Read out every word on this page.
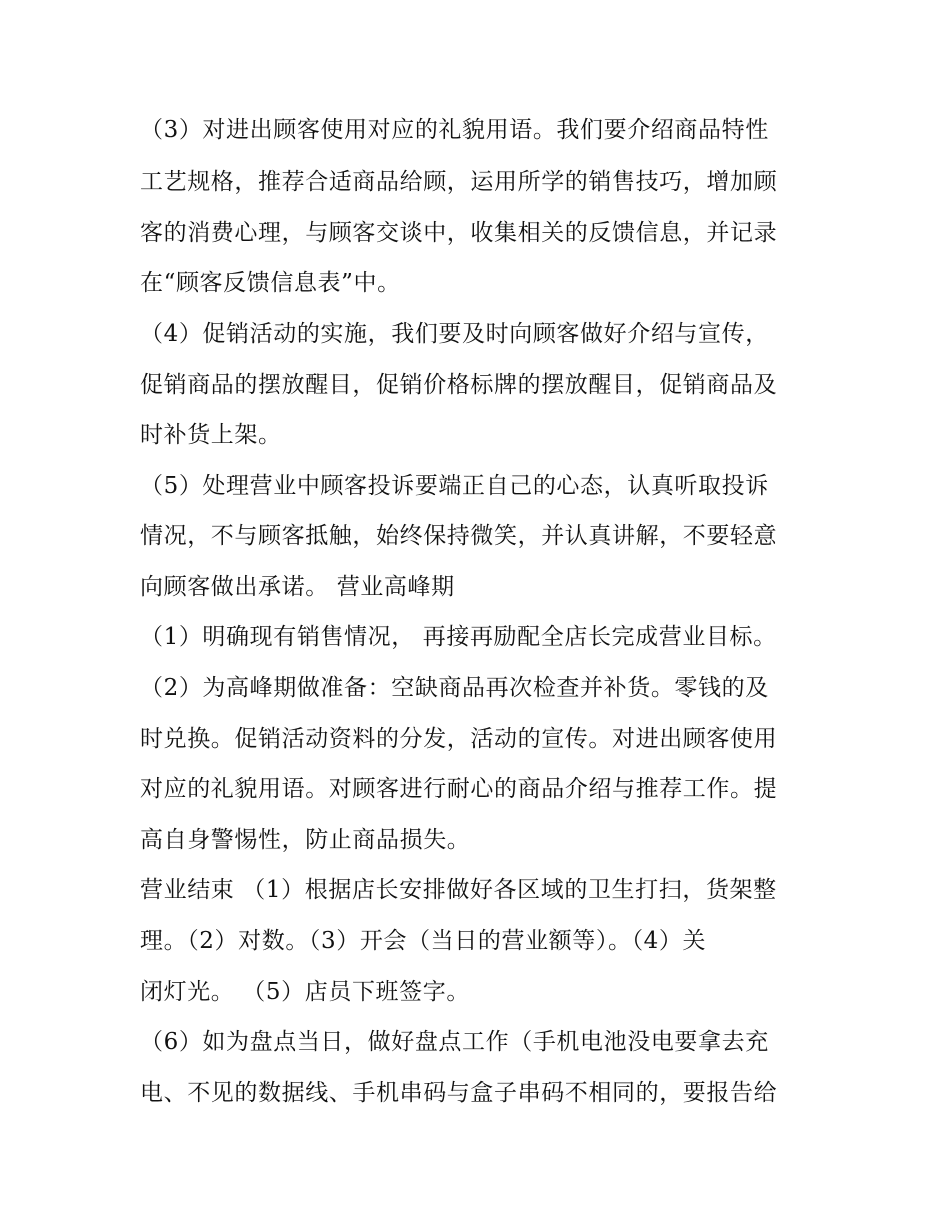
（3）对进出顾客使用对应的礼貌用语。我们要介绍商品特性
工艺规格，推荐合适商品给顾，运用所学的销售技巧，增加顾
客的消费心理，与顾客交谈中，收集相关的反馈信息，并记录
在“顾客反馈信息表”中。
（4）促销活动的实施，我们要及时向顾客做好介绍与宣传，
促销商品的摆放醒目，促销价格标牌的摆放醒目，促销商品及
时补货上架。
（5）处理营业中顾客投诉要端正自己的心态，认真听取投诉
情况，不与顾客抵触，始终保持微笑，并认真讲解，不要轻意
向顾客做出承诺。 营业高峰期
（1）明确现有销售情况， 再接再励配全店长完成营业目标。
（2）为高峰期做准备：空缺商品再次检查并补货。零钱的及
时兑换。促销活动资料的分发，活动的宣传。对进出顾客使用
对应的礼貌用语。对顾客进行耐心的商品介绍与推荐工作。提
高自身警惕性，防止商品损失。
营业结束 （1）根据店长安排做好各区域的卫生打扫，货架整
理。（2）对数。（3）开会（当日的营业额等）。（4）关
闭灯光。 （5）店员下班签字。
（6）如为盘点当日，做好盘点工作（手机电池没电要拿去充
电、不见的数据线、手机串码与盒子串码不相同的，要报告给
